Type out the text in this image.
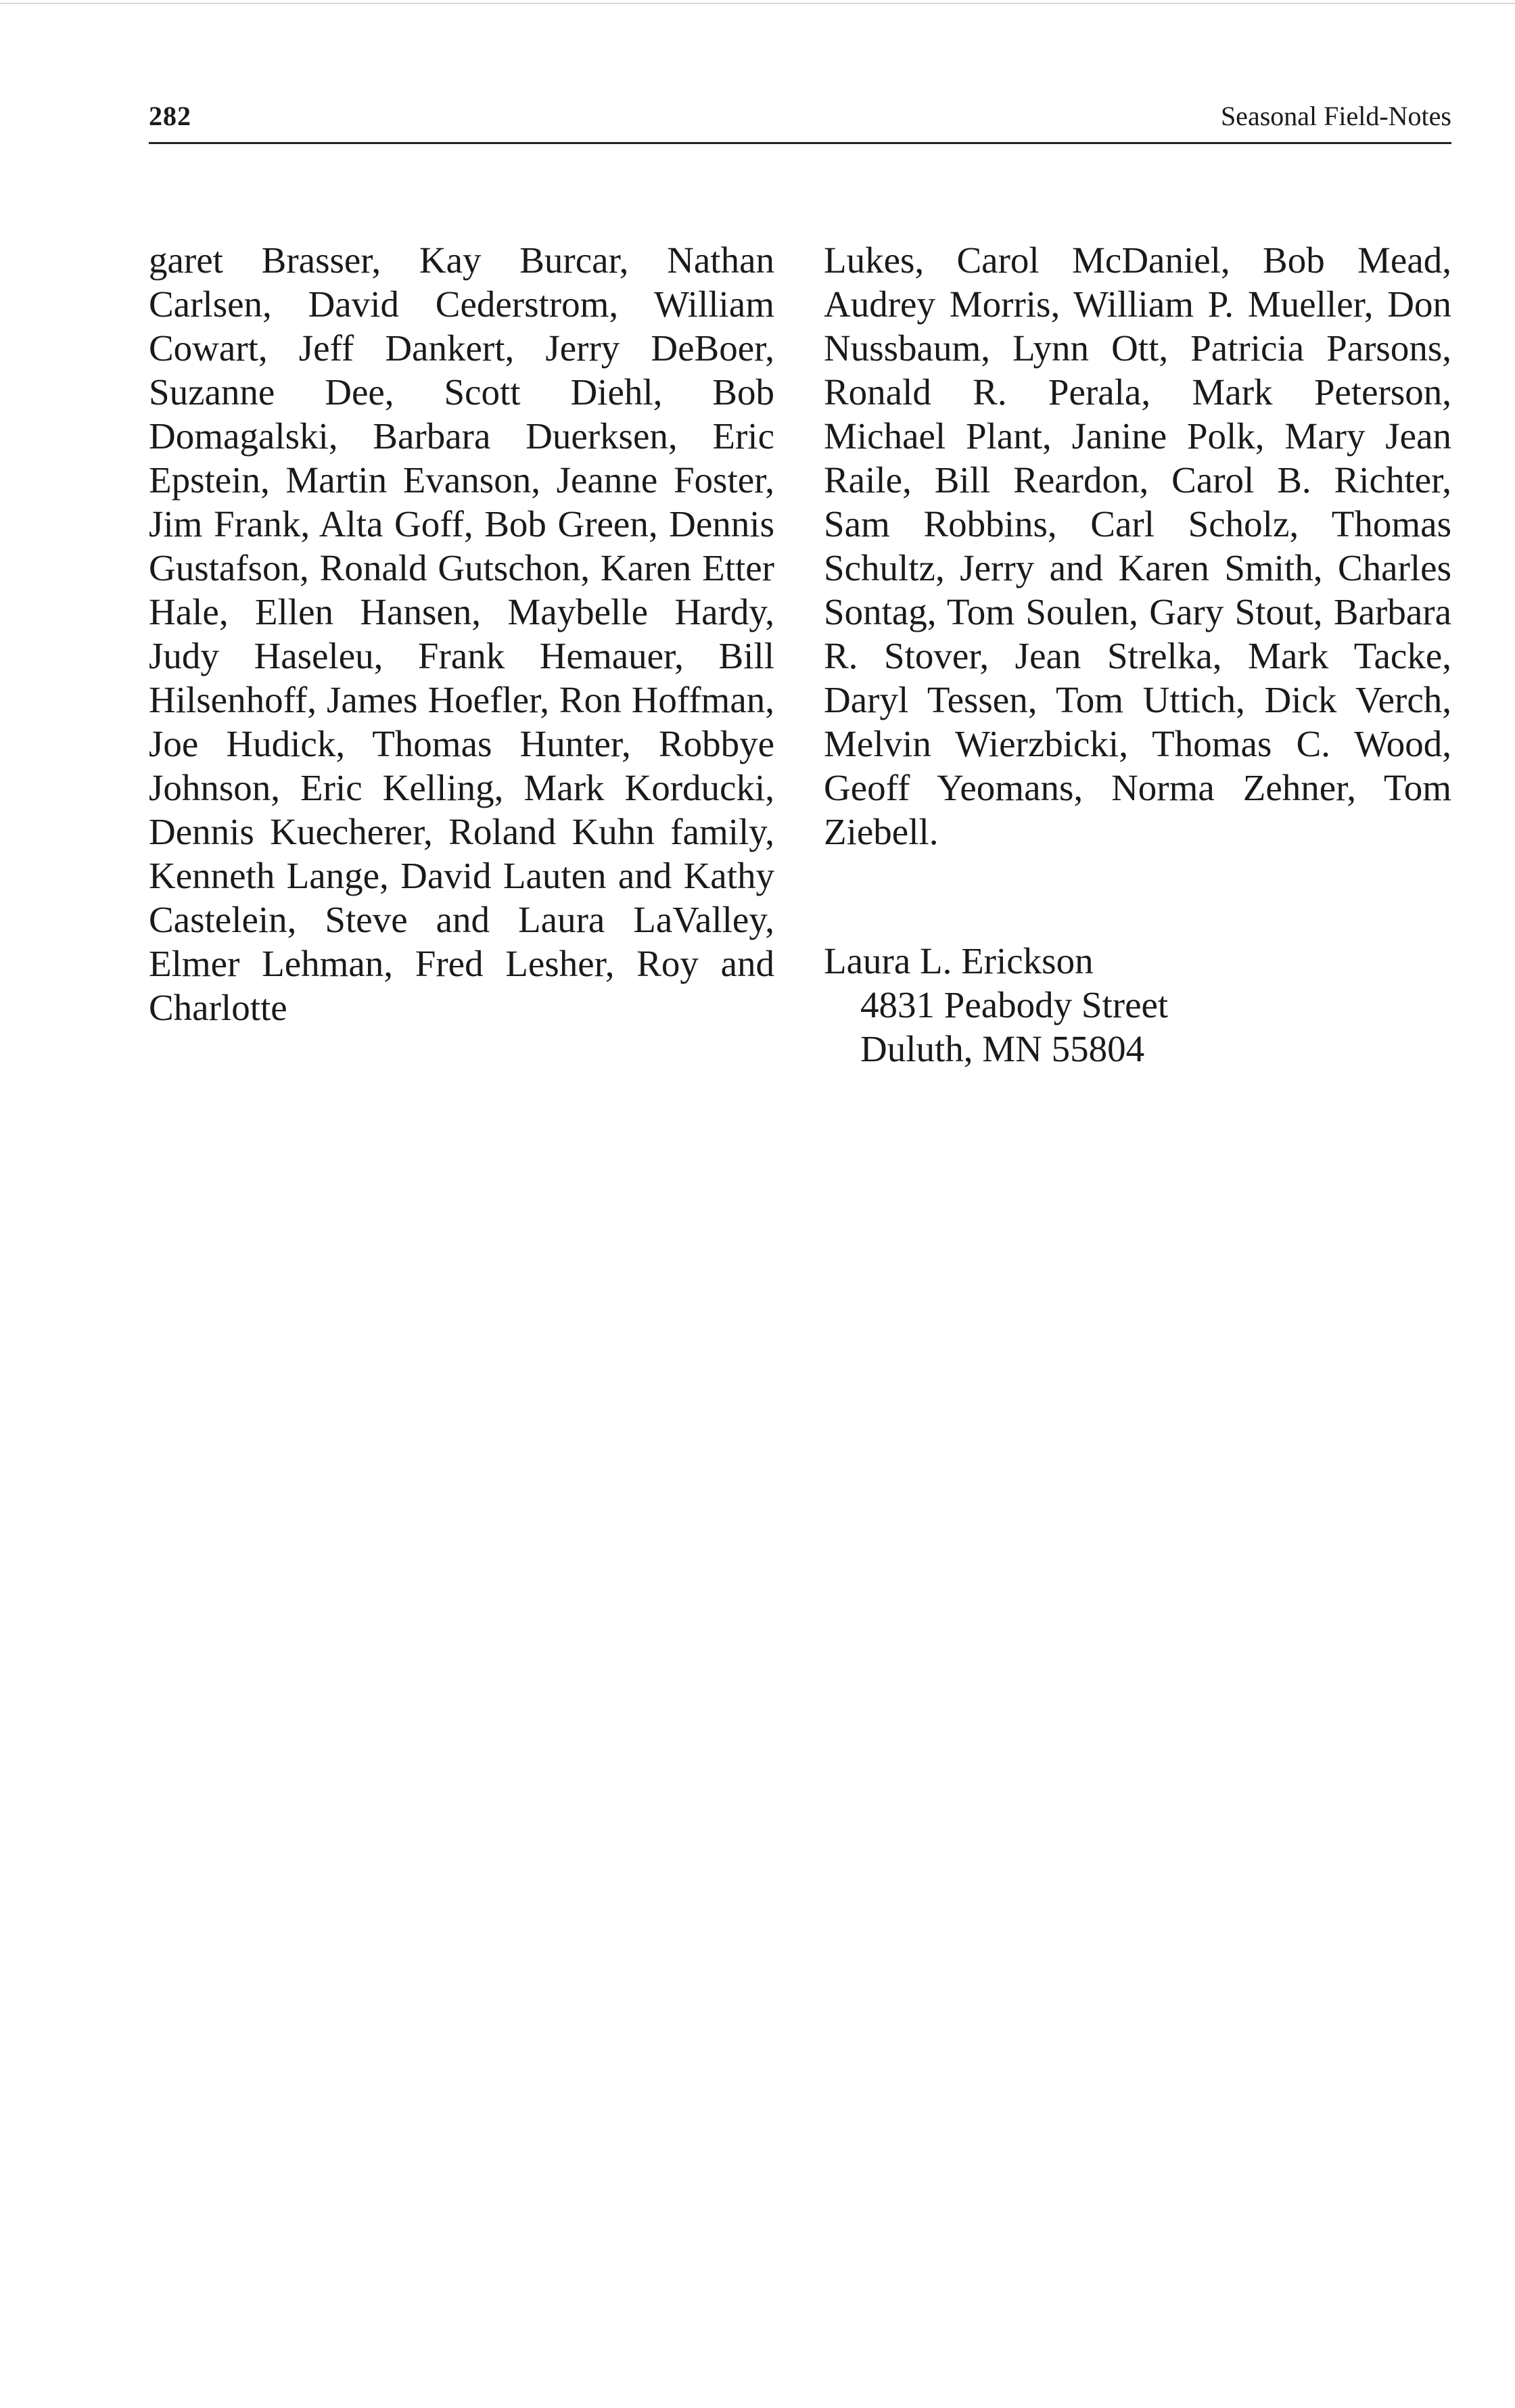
282	Seasonal Field-Notes
garet Brasser, Kay Burcar, Nathan Carlsen, David Cederstrom, William Cowart, Jeff Dankert, Jerry DeBoer, Suzanne Dee, Scott Diehl, Bob Domagalski, Barbara Duerksen, Eric Epstein, Martin Evanson, Jeanne Foster, Jim Frank, Alta Goff, Bob Green, Dennis Gustafson, Ronald Gutschon, Karen Etter Hale, Ellen Hansen, Maybelle Hardy, Judy Haseleu, Frank Hemauer, Bill Hilsenhoff, James Hoefler, Ron Hoffman, Joe Hudick, Thomas Hunter, Robbye Johnson, Eric Kelling, Mark Korducki, Dennis Kuecherer, Roland Kuhn family, Kenneth Lange, David Lauten and Kathy Castelein, Steve and Laura LaValley, Elmer Lehman, Fred Lesher, Roy and Charlotte
Lukes, Carol McDaniel, Bob Mead, Audrey Morris, William P. Mueller, Don Nussbaum, Lynn Ott, Patricia Parsons, Ronald R. Perala, Mark Peterson, Michael Plant, Janine Polk, Mary Jean Raile, Bill Reardon, Carol B. Richter, Sam Robbins, Carl Scholz, Thomas Schultz, Jerry and Karen Smith, Charles Sontag, Tom Soulen, Gary Stout, Barbara R. Stover, Jean Strelka, Mark Tacke, Daryl Tessen, Tom Uttich, Dick Verch, Melvin Wierzbicki, Thomas C. Wood, Geoff Yeomans, Norma Zehner, Tom Ziebell.
Laura L. Erickson
4831 Peabody Street
Duluth, MN 55804
